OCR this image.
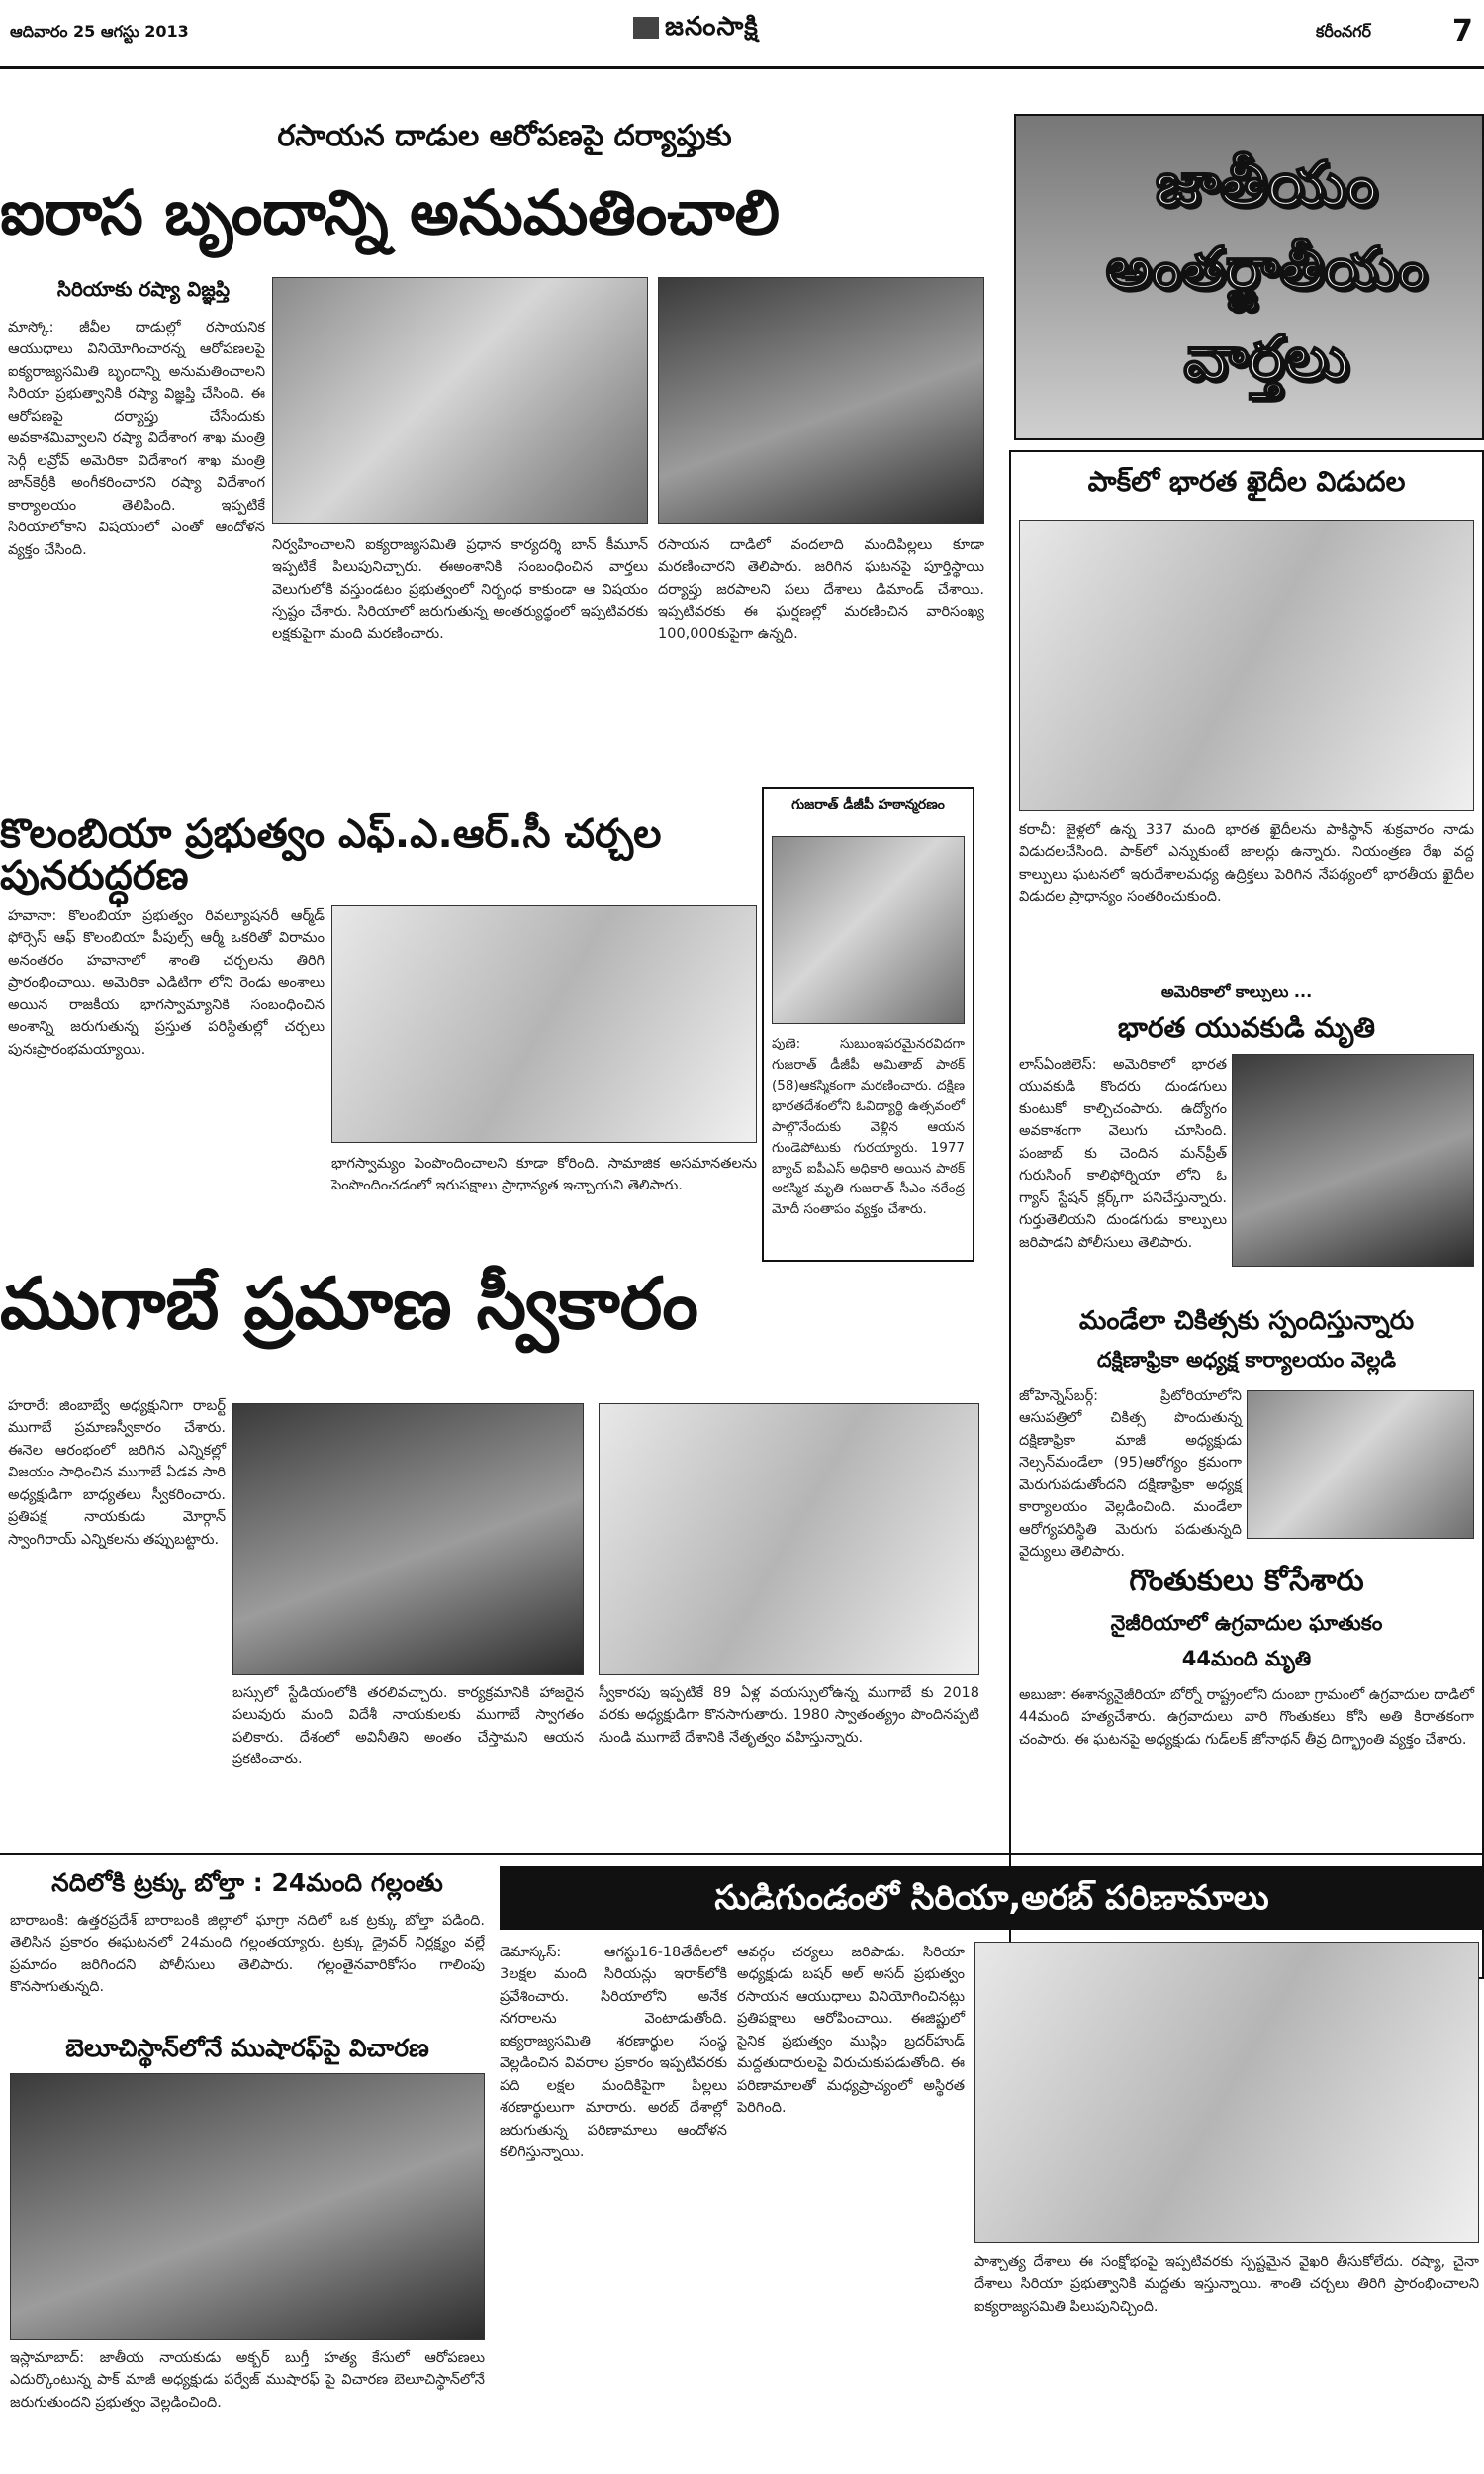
ఆదివారం 25 ఆగస్టు 2013	జనంసాక్షి	కరీంనగర్	7
రసాయన దాడుల ఆరోపణపై దర్యాప్తుకు
ఐరాస బృందాన్ని అనుమతించాలి
సిరియాకు రష్యా విజ్ఞప్తి
మాస్కో: జీవీల దాడుల్లో రసాయనిక ఆయుధాలు వినియోగించారన్న ఆరోపణలపై ఐక్యరాజ్యసమితి బృందాన్ని అనుమతించాలని సిరియా ప్రభుత్వానికి రష్యా విజ్ఞప్తి చేసింది. ఈ ఆరోపణపై దర్యాప్తు చేసేందుకు అవకాశమివ్వాలని రష్యా విదేశాంగ శాఖ మంత్రి సెర్గీ లవ్రోవ్ అమెరికా విదేశాంగ శాఖ మంత్రి జాన్‌కెర్రీకి అంగీకరించారని రష్యా విదేశాంగ కార్యాలయం తెలిపింది. ఇప్పటికే సిరియాలోకాని విషయంలో ఎంతో ఆందోళన వ్యక్తం చేసింది.	నిర్వహించాలని ఐక్యరాజ్యసమితి ప్రధాన కార్యదర్శి బాన్ కీమూన్ ఇప్పటికే పిలుపునిచ్చారు. ఈఅంశానికి సంబంధించిన వార్తలు వెలుగులోకి వస్తుండటం ప్రభుత్వంలో నిర్బంధ కాకుండా ఆ విషయం స్పష్టం చేశారు. సిరియాలో జరుగుతున్న అంతర్యుద్ధంలో ఇప్పటివరకు లక్షకుపైగా మంది మరణించారు.
రసాయన దాడిలో వందలాది మందిపిల్లలు కూడా మరణించారని తెలిపారు. జరిగిన ఘటనపై పూర్తిస్థాయి దర్యాప్తు జరపాలని పలు దేశాలు డిమాండ్ చేశాయి. ఇప్పటివరకు ఈ ఘర్షణల్లో మరణించిన వారిసంఖ్య 100,000కుపైగా ఉన్నది.
జాతీయం
అంతర్జాతీయం
వార్తలు
పాక్‌లో భారత ఖైదీల విడుదల
కరాచీ: జైళ్లలో ఉన్న 337 మంది భారత ఖైదీలను పాకిస్థాన్ శుక్రవారం నాడు విడుదలచేసింది. పాక్‌లో ఎన్నుకుంటే జాలర్లు ఉన్నారు. నియంత్రణ రేఖ వద్ద కాల్పులు ఘటనలో ఇరుదేశాలమధ్య ఉద్రిక్తలు పెరిగిన నేపథ్యంలో భారతీయ ఖైదీల విడుదల ప్రాధాన్యం సంతరించుకుంది.
అమెరికాలో కాల్పులు ...
భారత యువకుడి మృతి
లాస్‌ఏంజిలెస్: అమెరికాలో భారత యువకుడి కొందరు దుండగులు కుంటుకో కాల్చిచంపారు. ఉద్యోగం అవకాశంగా వెలుగు చూసింది. పంజాబ్ కు చెందిన మన్‌ప్రీత్ గురుసింగ్ కాలిఫోర్నియా లోని ఓ గ్యాస్ స్టేషన్ క్లర్క్‌గా పనిచేస్తున్నారు. గుర్తుతెలియని దుండగుడు కాల్పులు జరిపాడని పోలీసులు తెలిపారు.
మండేలా చికిత్సకు స్పందిస్తున్నారు
దక్షిణాఫ్రికా అధ్యక్ష కార్యాలయం వెల్లడి
జోహెన్నెస్‌బర్గ్: ప్రిటోరియాలోని ఆసుపత్రిలో చికిత్స పొందుతున్న దక్షిణాఫ్రికా మాజీ అధ్యక్షుడు నెల్సన్‌మండేలా (95)ఆరోగ్యం క్రమంగా మెరుగుపడుతోందని దక్షిణాఫ్రికా అధ్యక్ష కార్యాలయం వెల్లడించింది. మండేలా ఆరోగ్యపరిస్థితి మెరుగు పడుతున్నది వైద్యులు తెలిపారు.
గొంతుకులు కోసేశారు
నైజీరియాలో ఉగ్రవాదుల ఘాతుకం
44మంది మృతి
అబుజా: ఈశాన్యనైజీరియా బోర్నో రాష్ట్రంలోని దుంబా గ్రామంలో ఉగ్రవాదుల దాడిలో 44మంది హత్యచేశారు. ఉగ్రవాదులు వారి గొంతుకలు కోసి అతి కిరాతకంగా చంపారు. ఈ ఘటనపై అధ్యక్షుడు గుడ్‌లక్ జోనాథన్ తీవ్ర దిగ్భ్రాంతి వ్యక్తం చేశారు.
గుజరాత్ డీజీపీ హఠాన్మరణం
పుణె: సుబుంఇపరమైనరవిదగా గుజరాత్ డీజీపీ అమితాబ్ పాఠక్ (58)ఆకస్మికంగా మరణించారు. దక్షిణ భారతదేశంలోని ఓవిద్యార్థి ఉత్సవంలో పాల్గొనేందుకు వెళ్లిన ఆయన గుండెపోటుకు గురయ్యారు. 1977 బ్యాచ్ ఐపీఎస్ అధికారి అయిన పాఠక్ అకస్మిక మృతి గుజరాత్ సీఎం నరేంద్ర మోదీ సంతాపం వ్యక్తం చేశారు.
కొలంబియా ప్రభుత్వం ఎఫ్.ఎ.ఆర్.సీ చర్చల పునరుద్ధరణ
హవానా: కొలంబియా ప్రభుత్వం రివల్యూషనరీ ఆర్మ్‌డ్ ఫోర్సెస్ ఆఫ్ కొలంబియా పీపుల్స్ ఆర్మీ ఒకరితో విరామం అనంతరం హవానాలో శాంతి చర్చలను తిరిగి ప్రారంభించాయి. అమెరికా ఎడిటిగా లోని రెండు అంశాలు అయిన రాజకీయ భాగస్వామ్యానికి సంబంధించిన అంశాన్ని జరుగుతున్న ప్రస్తుత పరిస్థితుల్లో చర్చలు పునఃప్రారంభమయ్యాయి.
భాగస్వామ్యం పెంపొందించాలని కూడా కోరింది. సామాజిక అసమానతలను పెంపొందించడంలో ఇరుపక్షాలు ప్రాధాన్యత ఇచ్చాయని తెలిపారు.
ముగాబే ప్రమాణ స్వీకారం
హరారే: జింబాబ్వే అధ్యక్షునిగా రాబర్ట్ ముగాబే ప్రమాణస్వీకారం చేశారు. ఈనెల ఆరంభంలో జరిగిన ఎన్నికల్లో విజయం సాధించిన ముగాబే ఏడవ సారి అధ్యక్షుడిగా బాధ్యతలు స్వీకరించారు. ప్రతిపక్ష నాయకుడు మోర్గాన్ స్వాంగిరాయ్ ఎన్నికలను తప్పుబట్టారు.
బస్సులో స్టేడియంలోకి తరలివచ్చారు. కార్యక్రమానికి హాజరైన పలువురు మంది విదేశీ నాయకులకు ముగాబే స్వాగతం పలికారు. దేశంలో అవినీతిని అంతం చేస్తామని ఆయన ప్రకటించారు.
స్వీకారపు ఇప్పటికే 89 ఏళ్ల వయస్సులోఉన్న ముగాబే కు 2018 వరకు అధ్యక్షుడిగా కొనసాగుతారు. 1980 స్వాతంత్య్రం పొందినప్పటి నుండి ముగాబే దేశానికి నేతృత్వం వహిస్తున్నారు.
నదిలోకి ట్రక్కు బోల్తా : 24మంది గల్లంతు
బారాబంకి: ఉత్తరప్రదేశ్ బారాబంకి జిల్లాలో ఘాగ్రా నదిలో ఒక ట్రక్కు బోల్తా పడింది. తెలిసిన ప్రకారం ఈఘటనలో 24మంది గల్లంతయ్యారు. ట్రక్కు డ్రైవర్ నిర్లక్ష్యం వల్లే ప్రమాదం జరిగిందని పోలీసులు తెలిపారు. గల్లంతైనవారికోసం గాలింపు కొనసాగుతున్నది.
బెలూచిస్థాన్‌లోనే ముషారఫ్‌పై విచారణ
ఇస్లామాబాద్: జాతీయ నాయకుడు అక్బర్ బుగ్తీ హత్య కేసులో ఆరోపణలు ఎదుర్కొంటున్న పాక్ మాజీ అధ్యక్షుడు పర్వేజ్ ముషారఫ్ పై విచారణ బెలూచిస్థాన్‌లోనే జరుగుతుందని ప్రభుత్వం వెల్లడించింది.
సుడిగుండంలో సిరియా,అరబ్ పరిణామాలు
డెమాస్కస్: ఆగస్టు16-18తేదీలలో 3లక్షల మంది సిరియన్లు ఇరాక్‌లోకి ప్రవేశించారు. సిరియాలోని అనేక నగరాలను వెంటాడుతోంది. ఐక్యరాజ్యసమితి శరణార్థుల సంస్థ వెల్లడించిన వివరాల ప్రకారం ఇప్పటివరకు పది లక్షల మందికిపైగా పిల్లలు శరణార్థులుగా మారారు. అరబ్ దేశాల్లో జరుగుతున్న పరిణామాలు ఆందోళన కలిగిస్తున్నాయి.
ఆవర్గం చర్యలు జరిపాడు. సిరియా అధ్యక్షుడు బషర్ అల్ అసద్ ప్రభుత్వం రసాయన ఆయుధాలు వినియోగించినట్లు ప్రతిపక్షాలు ఆరోపించాయి. ఈజిప్టులో సైనిక ప్రభుత్వం ముస్లిం బ్రదర్‌హుడ్ మద్దతుదారులపై విరుచుకుపడుతోంది. ఈ పరిణామాలతో మధ్యప్రాచ్యంలో అస్థిరత పెరిగింది.
పాశ్చాత్య దేశాలు ఈ సంక్షోభంపై ఇప్పటివరకు స్పష్టమైన వైఖరి తీసుకోలేదు. రష్యా, చైనా దేశాలు సిరియా ప్రభుత్వానికి మద్దతు ఇస్తున్నాయి. శాంతి చర్చలు తిరిగి ప్రారంభించాలని ఐక్యరాజ్యసమితి పిలుపునిచ్చింది.
